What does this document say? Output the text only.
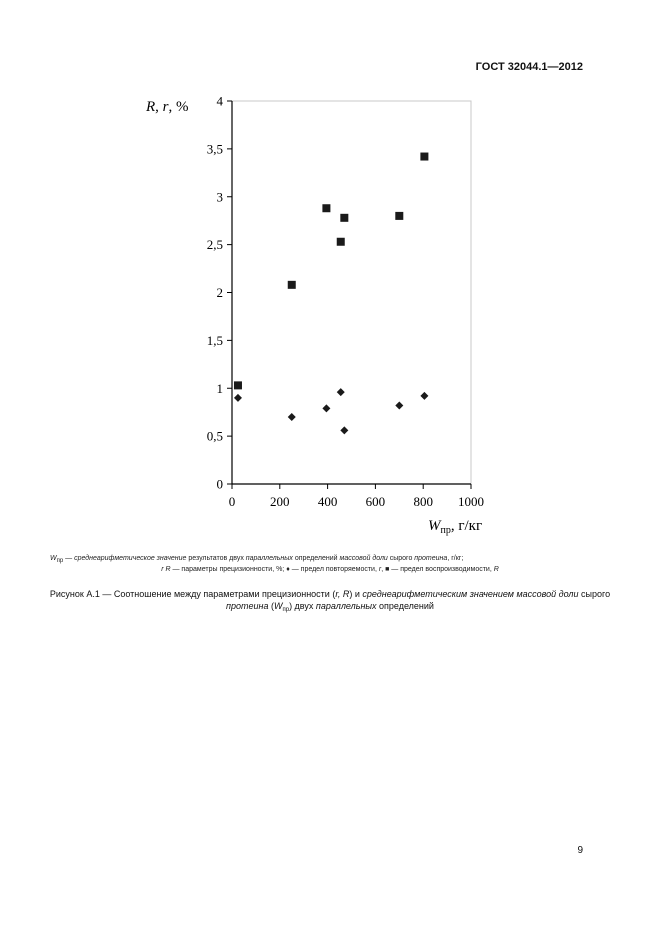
ГОСТ 32044.1—2012
0
0,5
1
1,5
2
2,5
3
3,5
4
0	200 400 600 800 1000
R, r, %
$W_{пр}$, г/кг
Wпр — среднеарифметическое значение результатов двух параллельных определений массовой доли сырого протеина, г/кг;
r R — параметры прецизионности, %; ♦ — предел повторяемости, r, ■ — предел воспроизводимости, R
Рисунок А.1 — Соотношение между параметрами прецизионности (r, R) и среднеарифметическим значением массовой доли сырого протеина $(W_{пр})$ двух параллельных определений
9
